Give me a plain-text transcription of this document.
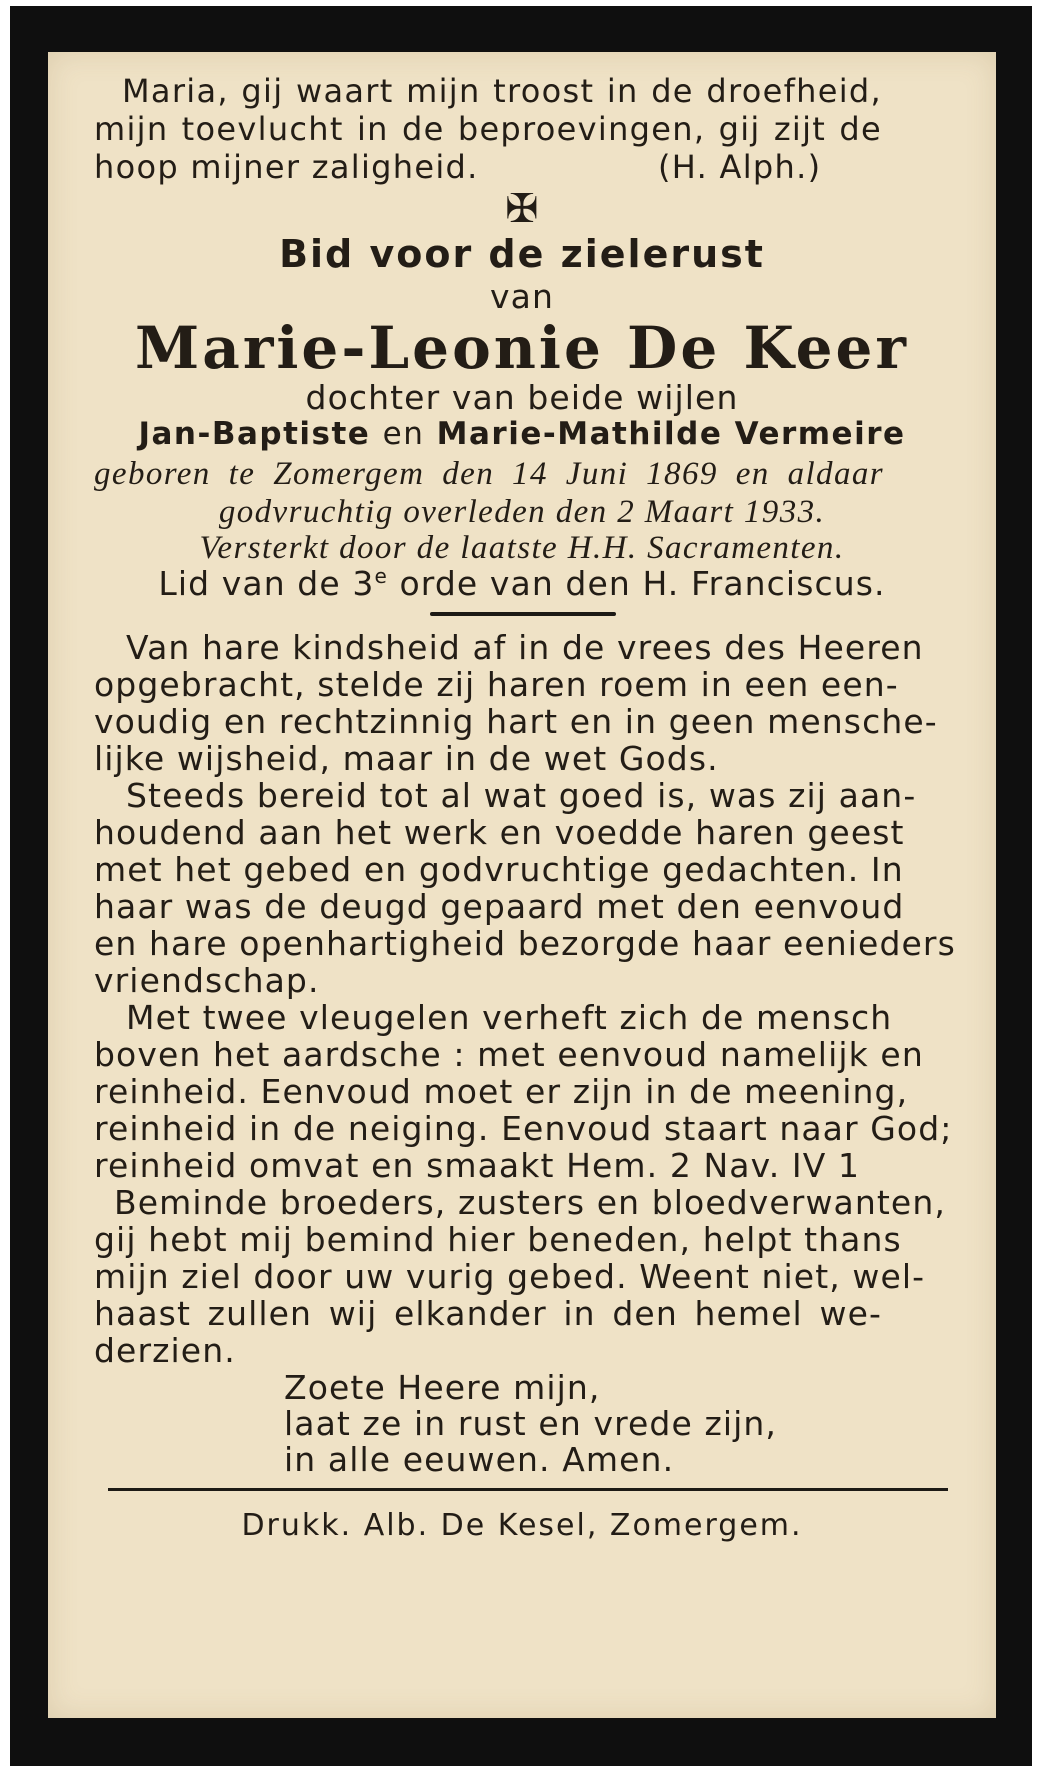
Maria, gij waart mijn troost in de droefheid,
mijn toevlucht in de beproevingen, gij zijt de
hoop mijner zaligheid.	(H. Alph.)
✠
Bid voor de zielerust
van
Marie-Leonie De Keer
dochter van beide wijlen
Jan-Baptiste en Marie-Mathilde Vermeire
geboren te Zomergem den 14 Juni 1869 en aldaar
godvruchtig overleden den 2 Maart 1933.
Versterkt door de laatste H.H. Sacramenten.
Lid van de 3e orde van den H. Franciscus.
Van hare kindsheid af in de vrees des Heeren
opgebracht, stelde zij haren roem in een een-
voudig en rechtzinnig hart en in geen mensche-
lijke wijsheid, maar in de wet Gods.
Steeds bereid tot al wat goed is, was zij aan-
houdend aan het werk en voedde haren geest
met het gebed en godvruchtige gedachten. In
haar was de deugd gepaard met den eenvoud
en hare openhartigheid bezorgde haar eenieders
vriendschap.
Met twee vleugelen verheft zich de mensch
boven het aardsche : met eenvoud namelijk en
reinheid. Eenvoud moet er zijn in de meening,
reinheid in de neiging. Eenvoud staart naar God;
reinheid omvat en smaakt Hem. 2 Nav. IV 1
Beminde broeders, zusters en bloedverwanten,
gij hebt mij bemind hier beneden, helpt thans
mijn ziel door uw vurig gebed. Weent niet, wel-
haast zullen wij elkander in den hemel we-
derzien.
Zoete Heere mijn,
laat ze in rust en vrede zijn,
in alle eeuwen. Amen.
Drukk. Alb. De Kesel, Zomergem.
